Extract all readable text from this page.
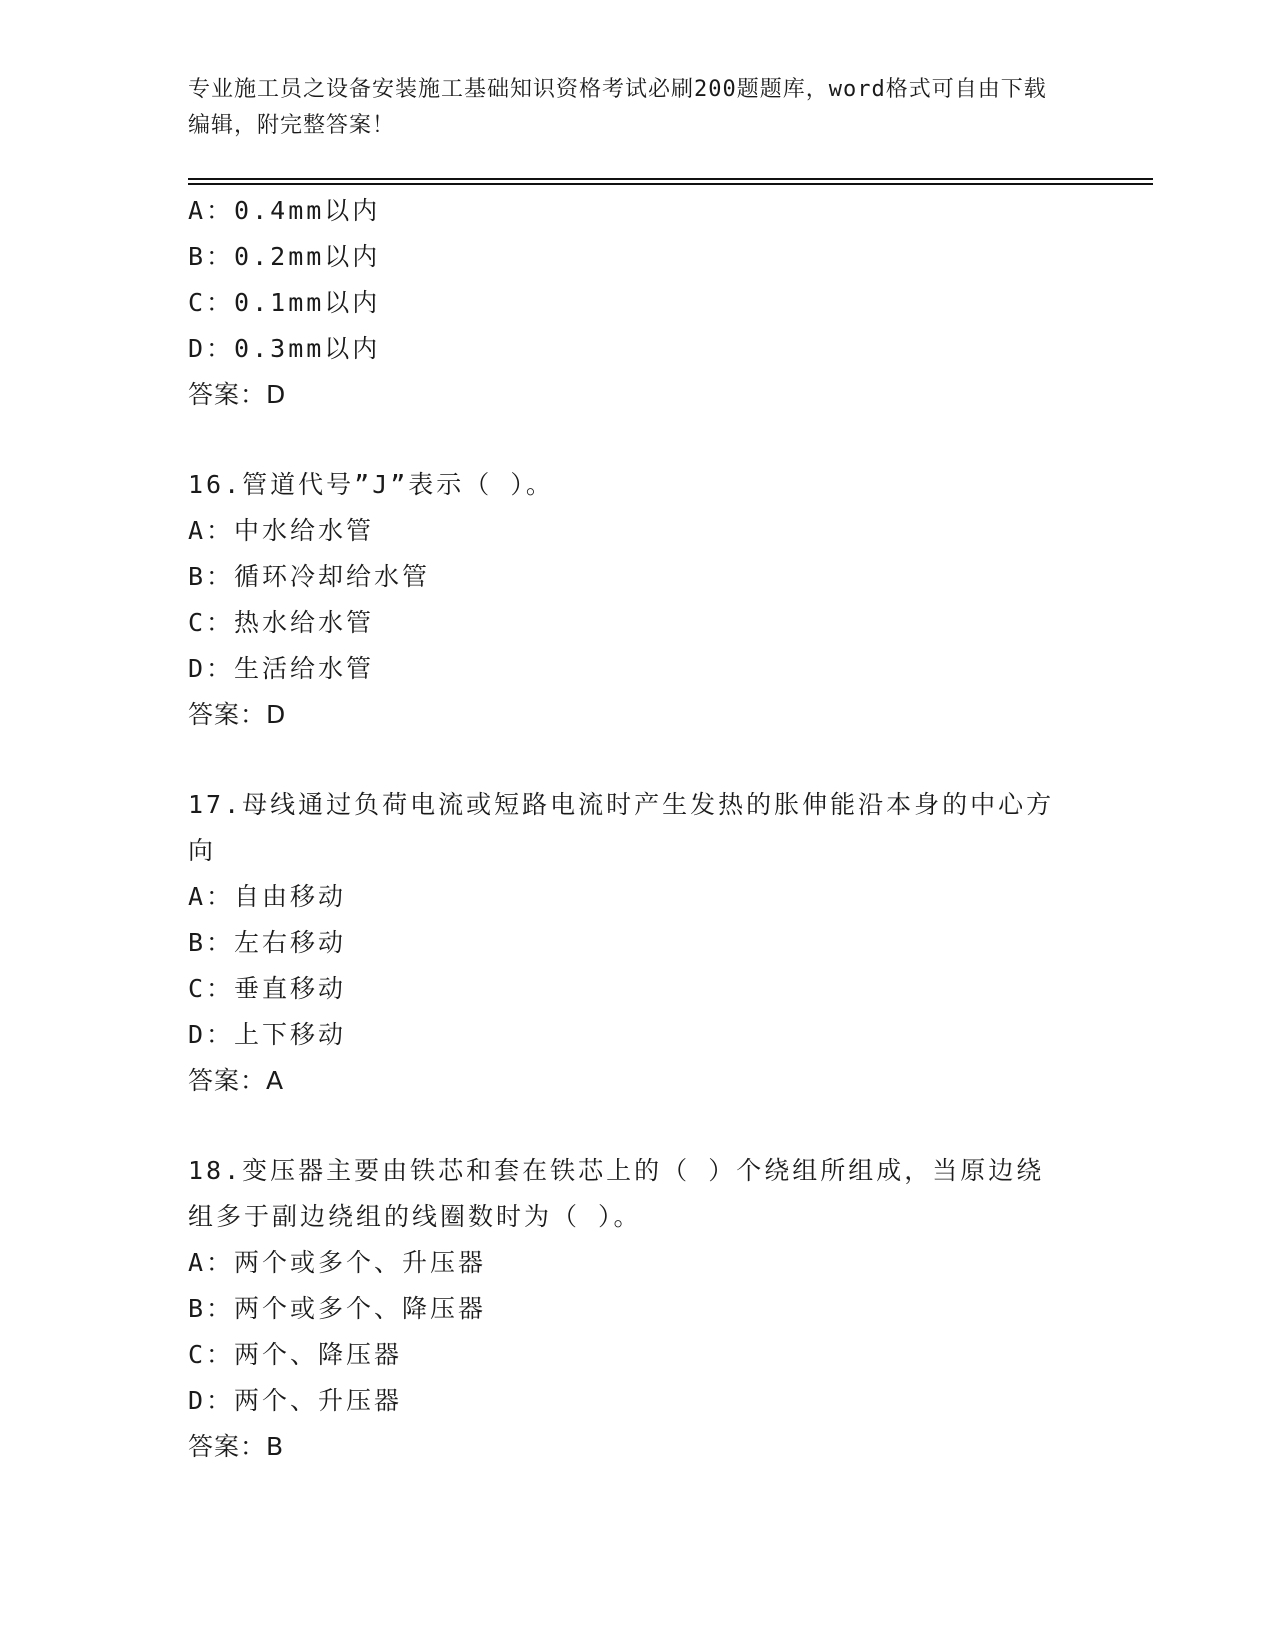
专业施工员之设备安装施工基础知识资格考试必刷200题题库，word格式可自由下载编辑，附完整答案！
A：0.4mm以内
B：0.2mm以内
C：0.1mm以内
D：0.3mm以内
答案：D
16.管道代号”J”表示（ ）。
A：中水给水管
B：循环冷却给水管
C：热水给水管
D：生活给水管
答案：D
17.母线通过负荷电流或短路电流时产生发热的胀伸能沿本身的中心方向
A：自由移动
B：左右移动
C：垂直移动
D：上下移动
答案：A
18.变压器主要由铁芯和套在铁芯上的（ ）个绕组所组成，当原边绕组多于副边绕组的线圈数时为（ ）。
A：两个或多个、升压器
B：两个或多个、降压器
C：两个、降压器
D：两个、升压器
答案：B
